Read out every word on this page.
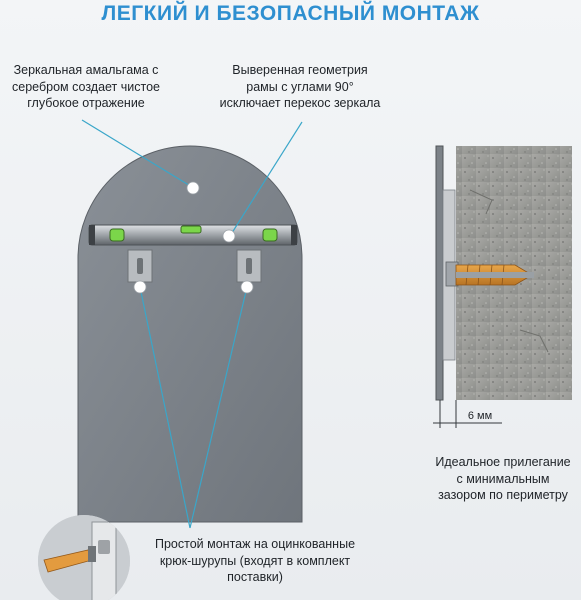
ЛЕГКИЙ И БЕЗОПАСНЫЙ МОНТАЖ
Зеркальная амальгама с
серебром создает чистое
глубокое отражение
Выверенная геометрия
рамы с углами 90°
исключает перекос зеркала
Идеальное прилегание
с минимальным
зазором по периметру
Простой монтаж на оцинкованные
крюк-шурупы (входят в комплект
поставки)
6 мм
